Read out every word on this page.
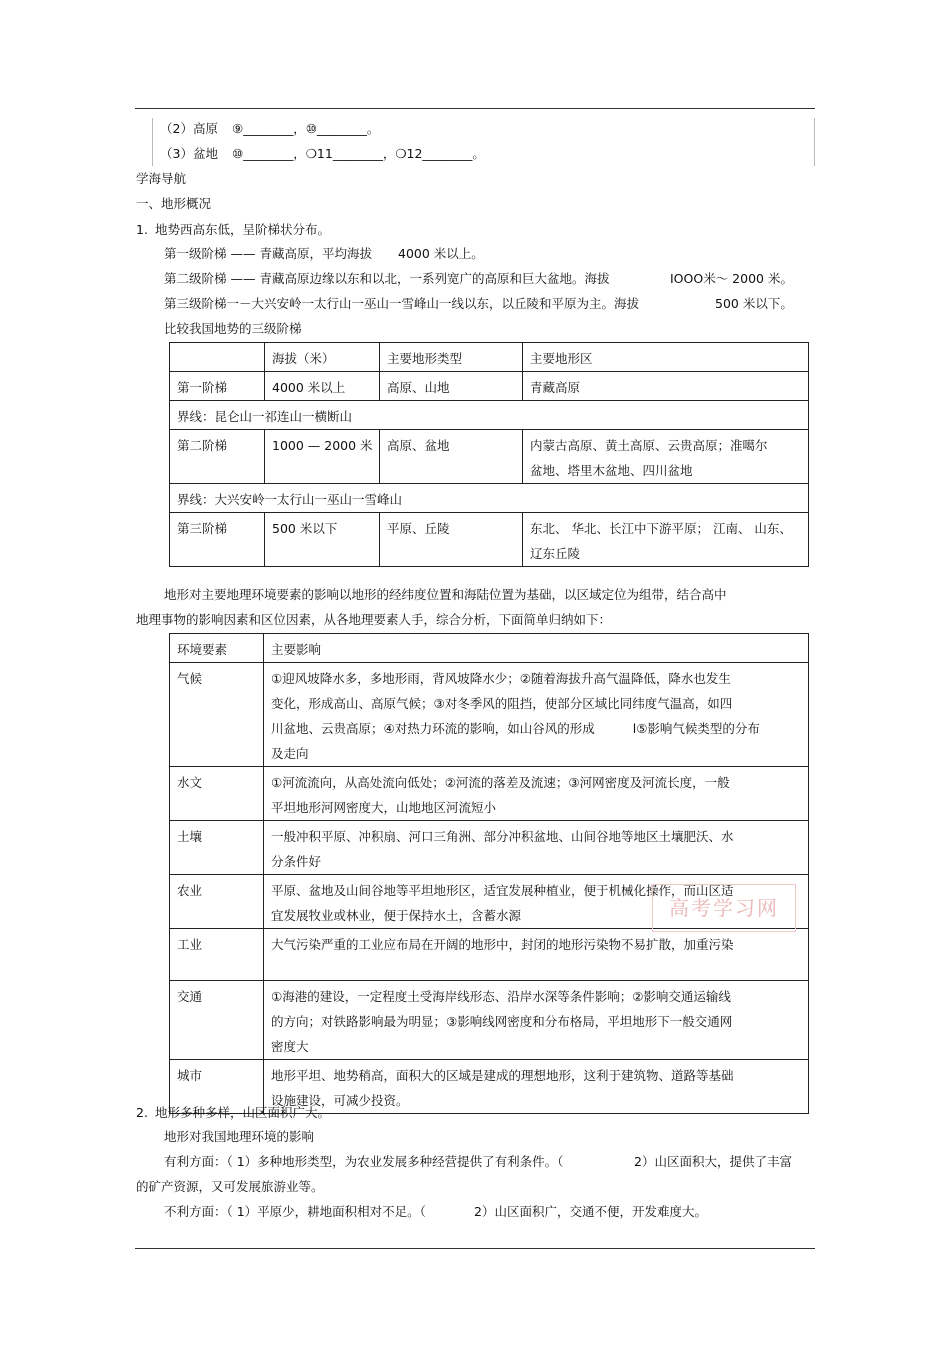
（2）高原 ⑨________，⑩________。
（3）盆地 ⑩________，❍11________，❍12________。
学海导航
一、地形概况
1. 地势西高东低，呈阶梯状分布。
第一级阶梯 —— 青藏高原，平均海拔 4000 米以上。
第二级阶梯 —— 青藏高原边缘以东和以北，一系列宽广的高原和巨大盆地。海拔	IOOO米～ 2000 米。
第三级阶梯一－大兴安岭一太行山一巫山一雪峰山一线以东，以丘陵和平原为主。海拔	500 米以下。
比较我国地势的三级阶梯
	海拔（米）	主要地形类型	主要地形区
第一阶梯	4000 米以上	高原、山地	青藏高原
界线：昆仑山一祁连山一横断山			
第二阶梯	1000 — 2000 米	高原、盆地	内蒙古高原、黄土高原、云贵高原；准噶尔
盆地、塔里木盆地、四川盆地

界线：大兴安岭一太行山一巫山一雪峰山			
第三阶梯	500 米以下	平原、丘陵	东北、 华北、长江中下游平原； 江南、 山东、
辽东丘陵
地形对主要地理环境要素的影响以地形的经纬度位置和海陆位置为基础，以区域定位为组带，结合高中
地理事物的影响因素和区位因素，从各地理要素人手，综合分析，下面简单归纳如下：
环境要素	主要影响
气候	①迎风坡降水多，多地形雨，背风坡降水少；②随着海拔升高气温降低，降水也发生
变化，形成高山、高原气候；③对冬季风的阻挡，使部分区域比同纬度气温高，如四
川盆地、云贵高原；④对热力环流的影响，如山谷风的形成 l⑤影响气候类型的分布
及走向

水文	①河流流向，从高处流向低处；②河流的落差及流速；③河网密度及河流长度，一般
平坦地形河网密度大，山地地区河流短小

土壤	一般冲积平原、冲积扇、河口三角洲、部分冲积盆地、山间谷地等地区土壤肥沃、水
分条件好

农业	平原、盆地及山间谷地等平坦地形区，适宜发展种植业，便于机械化操作，而山区适
宜发展牧业或林业，便于保持水土，含蓄水源

工业	大气污染严重的工业应布局在开阔的地形中，封闭的地形污染物不易扩散，加重污染

交通	①海港的建设，一定程度土受海岸线形态、沿岸水深等条件影响；②影响交通运输线
的方向；对铁路影响最为明显；③影响线网密度和分布格局，平坦地形下一般交通网
密度大

城市	地形平坦、地势稍高，面积大的区域是建成的理想地形，这利于建筑物、道路等基础
设施建设，可减少投资。
高考学习网
2. 地形多种多样，山区面积广大。
地形对我国地理环境的影响
有利方面：（ 1）多种地形类型，为农业发展多种经营提供了有利条件。（	2）山区面积大，提供了丰富
的矿产资源，又可发展旅游业等。
不利方面：（ 1）平原少，耕地面积相对不足。（	2）山区面积广，交通不便，开发难度大。
